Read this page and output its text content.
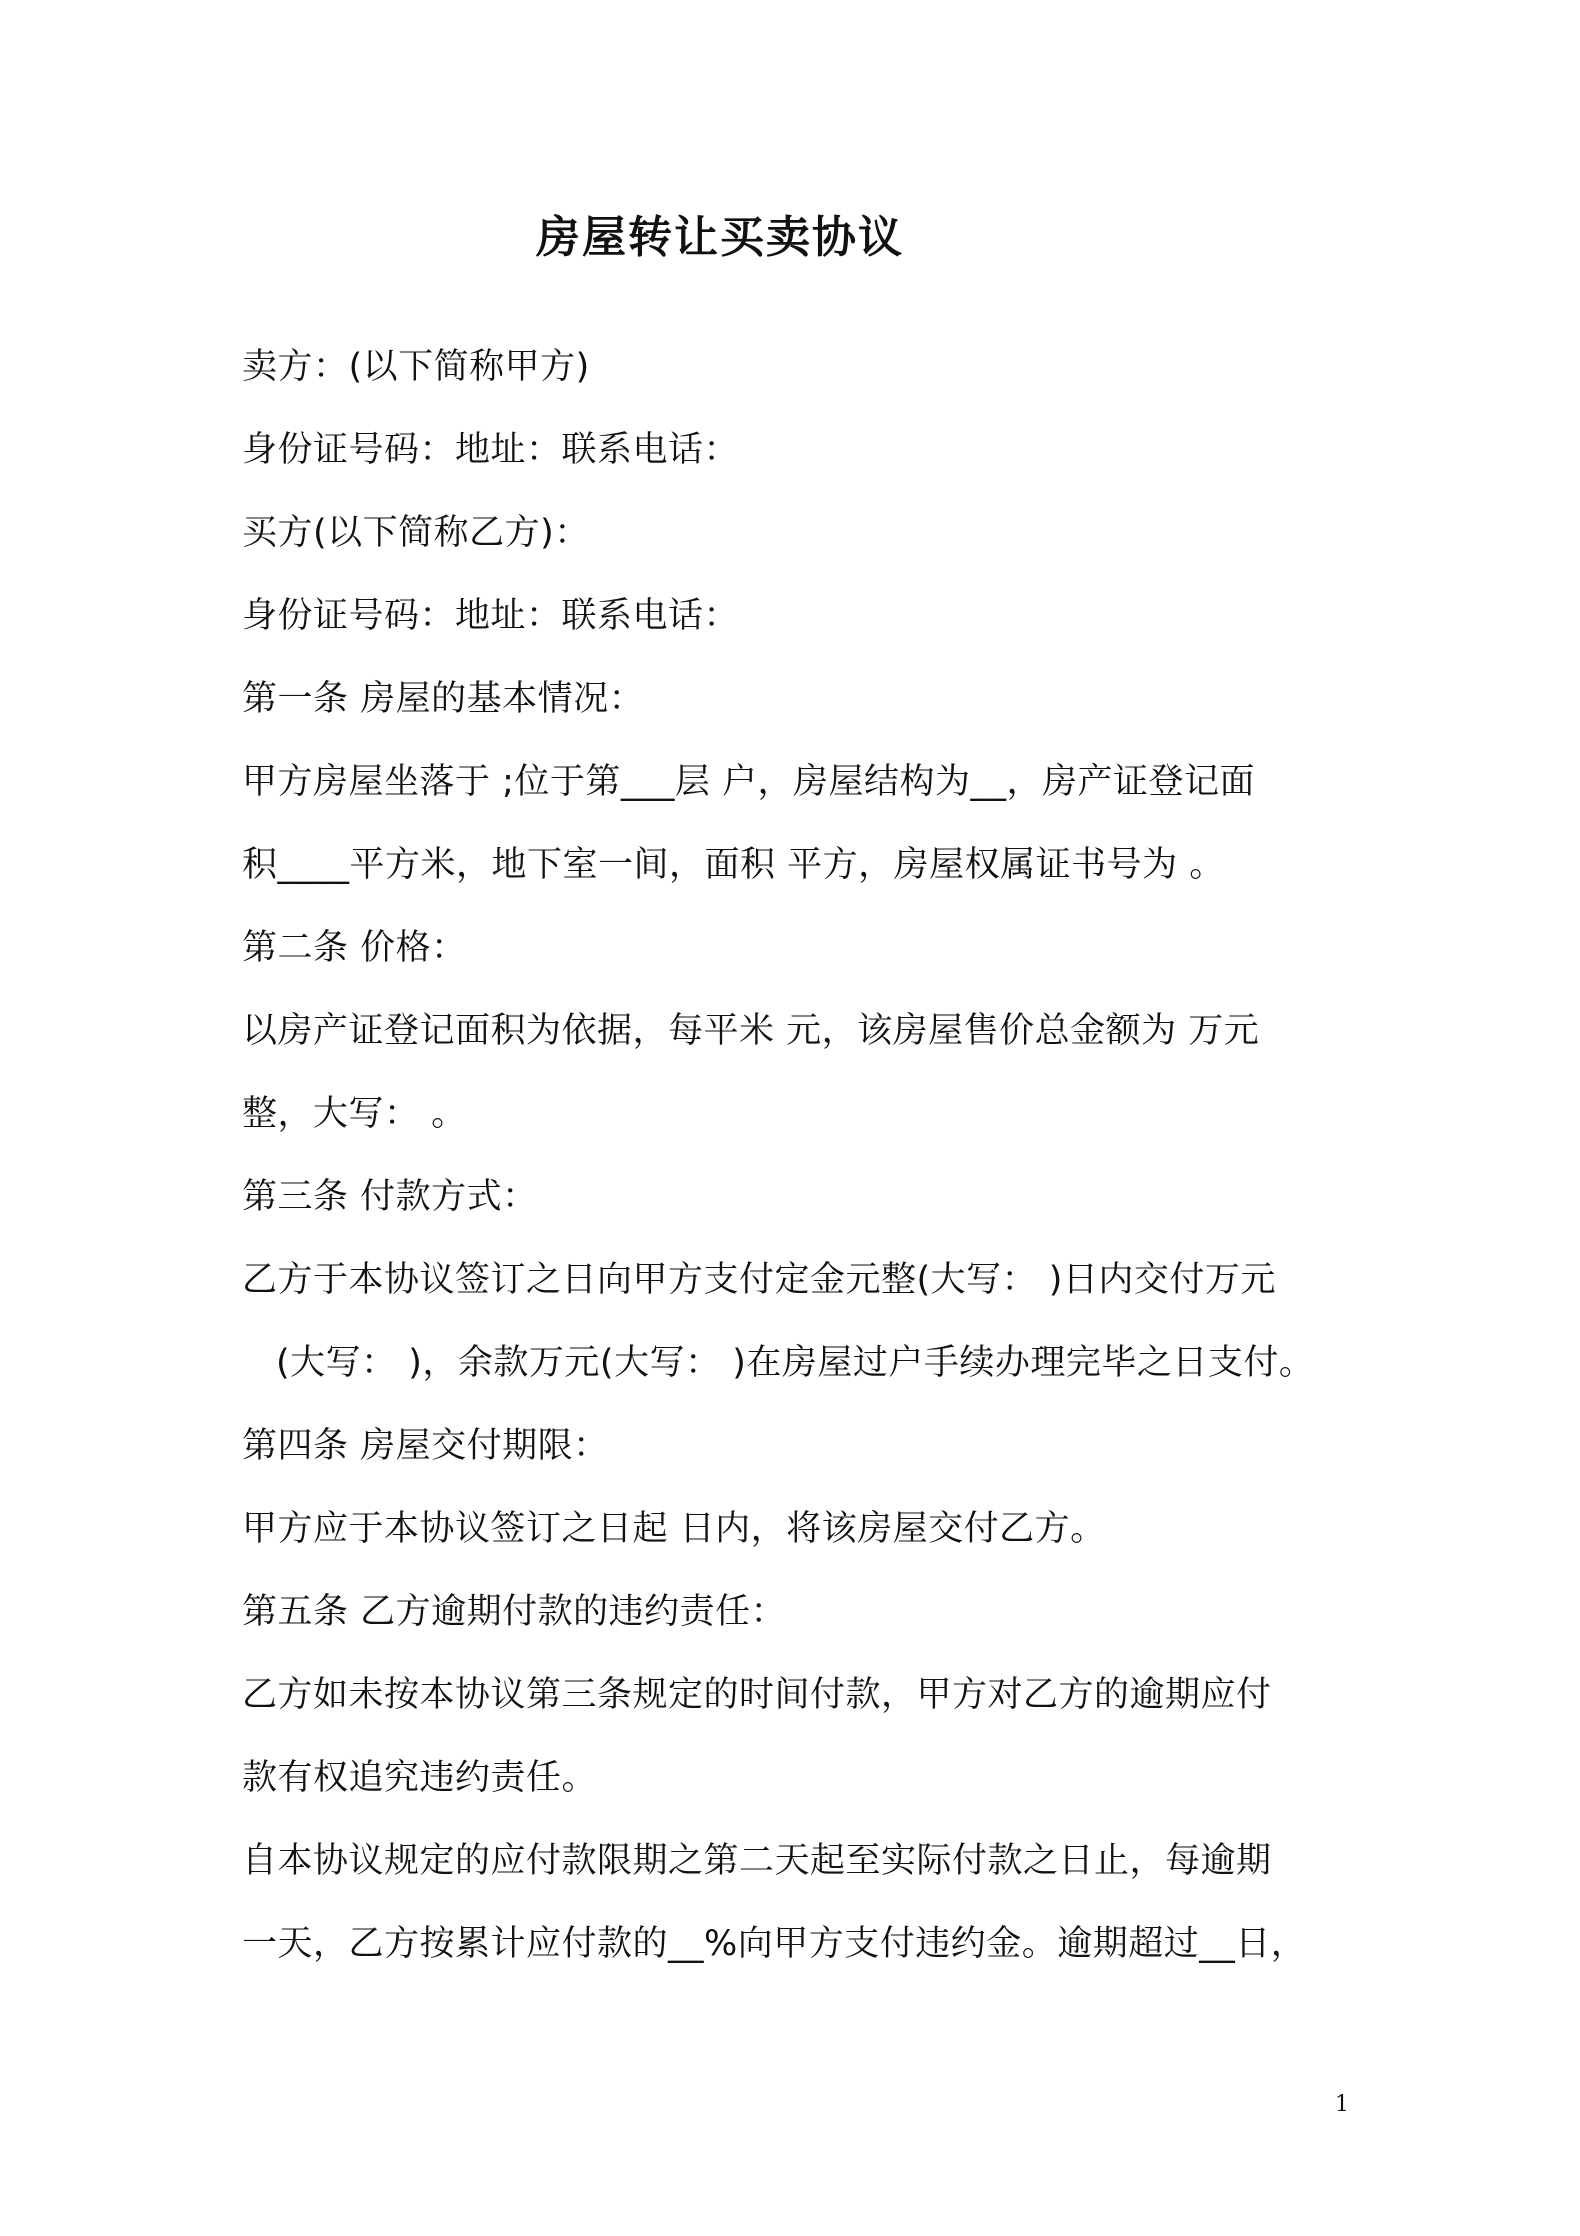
房屋转让买卖协议
卖方：(以下简称甲方)
身份证号码：地址：联系电话：
买方(以下简称乙方)：
身份证号码：地址：联系电话：
第一条 房屋的基本情况：
甲方房屋坐落于 ;位于第___层 户，房屋结构为__，房产证登记面
积____平方米，地下室一间，面积 平方，房屋权属证书号为 。
第二条 价格：
以房产证登记面积为依据，每平米 元，该房屋售价总金额为 万元
整，大写： 。
第三条 付款方式：
乙方于本协议签订之日向甲方支付定金元整(大写： )日内交付万元
(大写： )，余款万元(大写： )在房屋过户手续办理完毕之日支付。
第四条 房屋交付期限：
甲方应于本协议签订之日起 日内，将该房屋交付乙方。
第五条 乙方逾期付款的违约责任：
乙方如未按本协议第三条规定的时间付款，甲方对乙方的逾期应付
款有权追究违约责任。
自本协议规定的应付款限期之第二天起至实际付款之日止，每逾期
一天，乙方按累计应付款的__%向甲方支付违约金。逾期超过__日，
1
